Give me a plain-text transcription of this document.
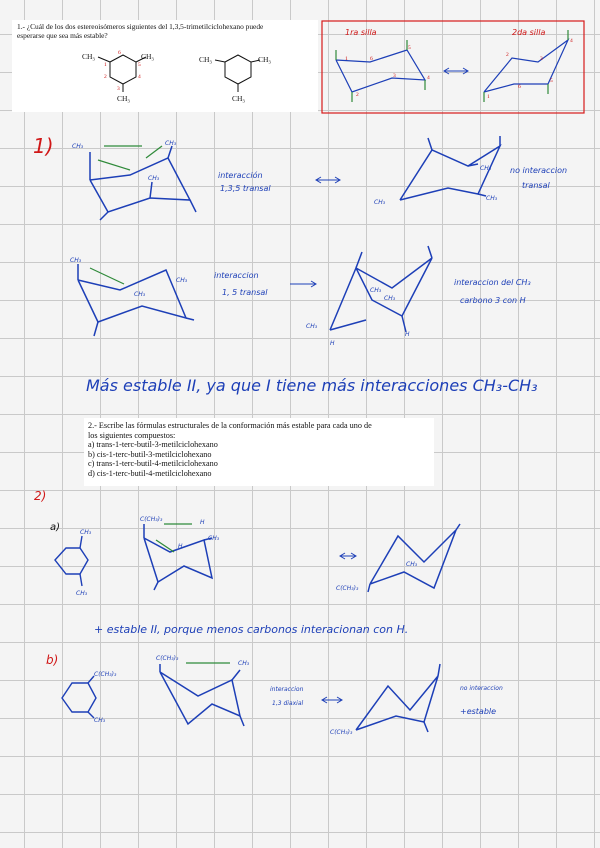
1.- ¿Cuál de los dos estereoisómeros siguientes del 1,3,5-trimetilciclohexano puede
esperarse que sea más estable?
2.- Escribe las fórmulas estructurales de la conformación más estable para cada uno de
los siguientes compuestos:
a) trans-1-terc-butil-3-metilciclohexano
b) cis-1-terc-butil-3-metilciclohexano
c) trans-1-terc-butil-4-metilciclohexano
d) cis-1-terc-butil-4-metilciclohexano
CH₃	CH₃
CH₃
6
1	5
2	4
3
CH₃	CH₃
CH₃
1ra silla	2da silla
1	6
5
4
3
2
2
3
4
5
6
1
1)	CH₃	CH₃
CH₃	interacción
1,3,5 transal
CH₃
CH₃
CH₃
no interaccion
transal
CH₃
CH₃
CH₃
interaccion
1, 5 transal
CH₃
CH₃
CH₃
H
H
interaccion del CH₃
carbono 3 con H
Más estable II, ya que I tiene más interacciones CH₃-CH₃
2)
a)	CH₃
CH₃
C(CH₃)₃	H
H
CH₃
C(CH₃)₃
CH₃
+ estable II, porque menos carbonos interacionan con H.
b)
C(CH₃)₃
CH₃
C(CH₃)₃
CH₃
interaccion
1,3 diaxial
C(CH₃)₃
no interaccion
+estable
